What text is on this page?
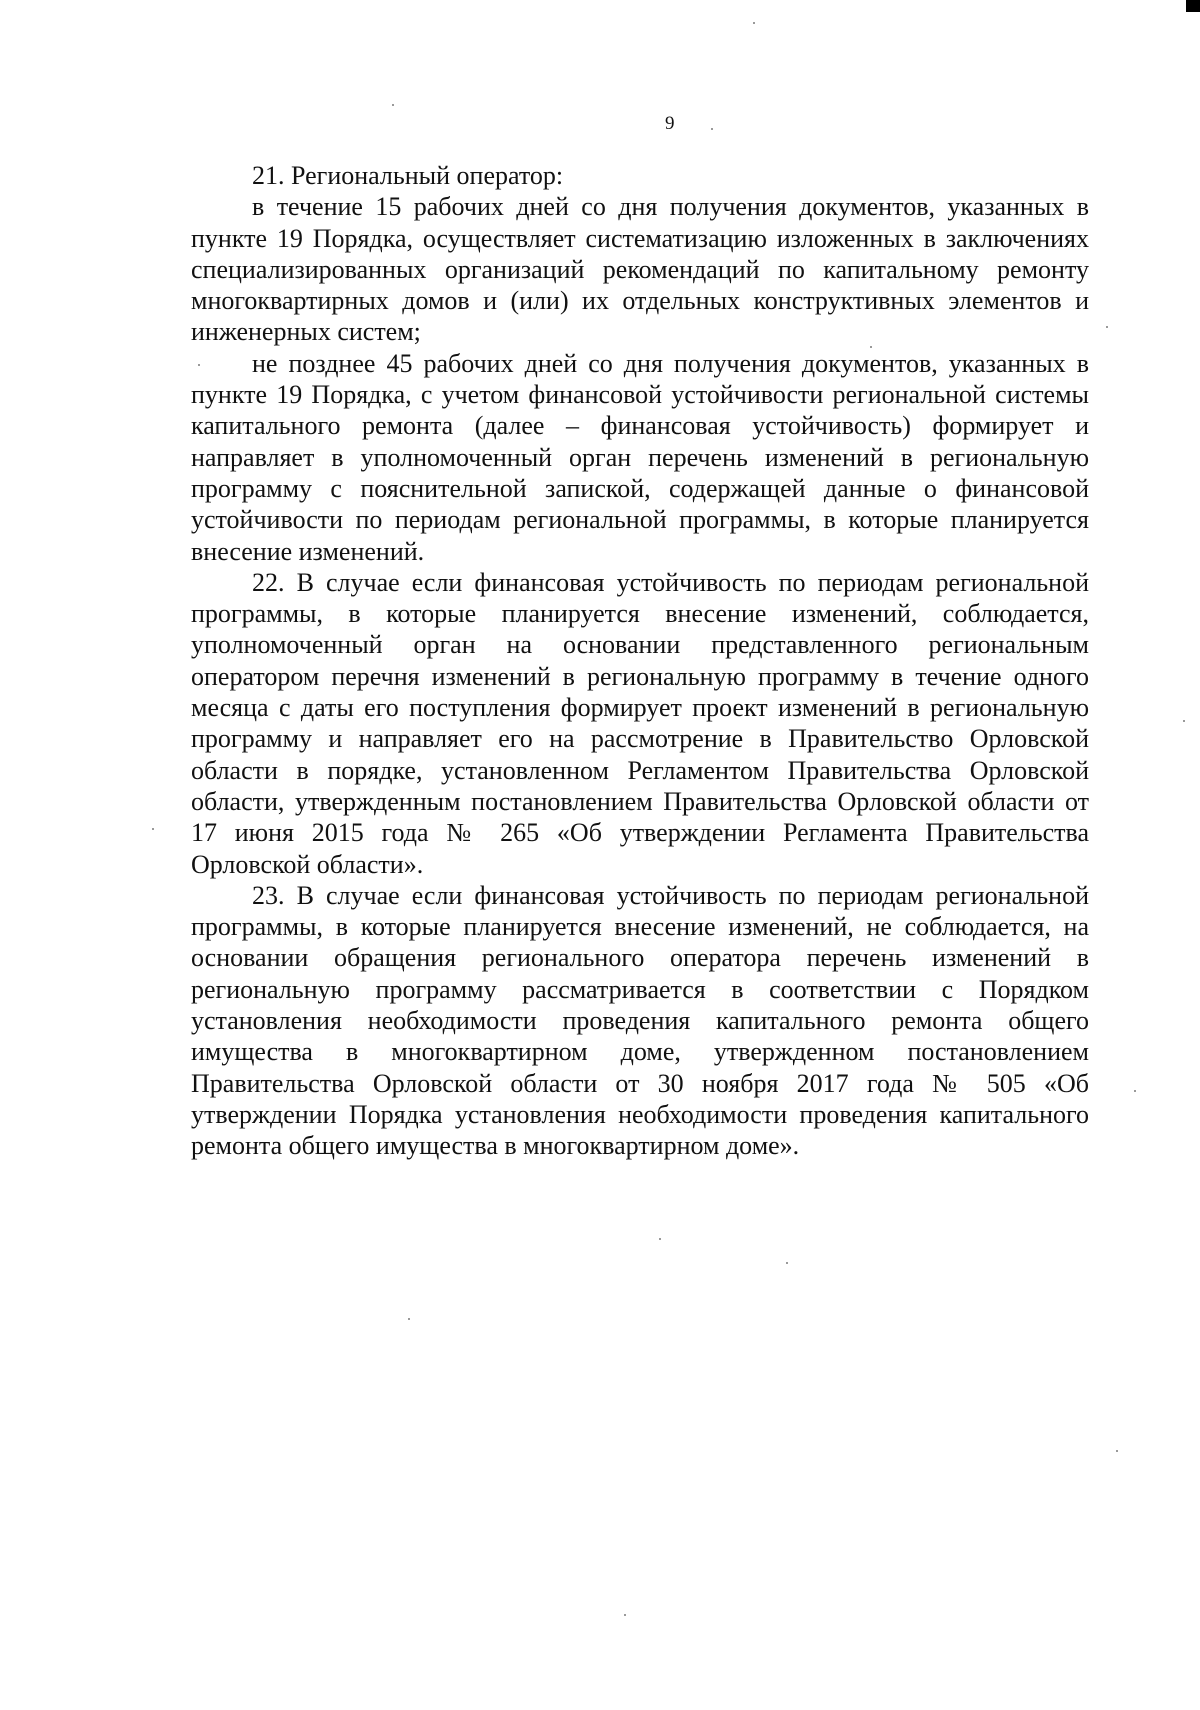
9

21. Региональный оператор:

в течение 15 рабочих дней со дня получения документов, указанных в пункте 19 Порядка, осуществляет систематизацию изложенных в заключениях специализированных организаций рекомендаций по капитальному ремонту многоквартирных домов и (или) их отдельных конструктивных элементов и инженерных систем;

не позднее 45 рабочих дней со дня получения документов, указанных в пункте 19 Порядка, с учетом финансовой устойчивости региональной системы капитального ремонта (далее – финансовая устойчивость) формирует и направляет в уполномоченный орган перечень изменений в региональную программу с пояснительной запиской, содержащей данные о финансовой устойчивости по периодам региональной программы, в которые планируется внесение изменений.

22. В случае если финансовая устойчивость по периодам региональной программы, в которые планируется внесение изменений, соблюдается, уполномоченный орган на основании представленного региональным оператором перечня изменений в региональную программу в течение одного месяца с даты его поступления формирует проект изменений в региональную программу и направляет его на рассмотрение в Правительство Орловской области в порядке, установленном Регламентом Правительства Орловской области, утвержденным постановлением Правительства Орловской области от 17 июня 2015 года № 265 «Об утверждении Регламента Правительства Орловской области».

23. В случае если финансовая устойчивость по периодам региональной программы, в которые планируется внесение изменений, не соблюдается, на основании обращения регионального оператора перечень изменений в региональную программу рассматривается в соответствии с Порядком установления необходимости проведения капитального ремонта общего имущества в многоквартирном доме, утвержденном постановлением Правительства Орловской области от 30 ноября 2017 года № 505 «Об утверждении Порядка установления необходимости проведения капитального ремонта общего имущества в многоквартирном доме».
